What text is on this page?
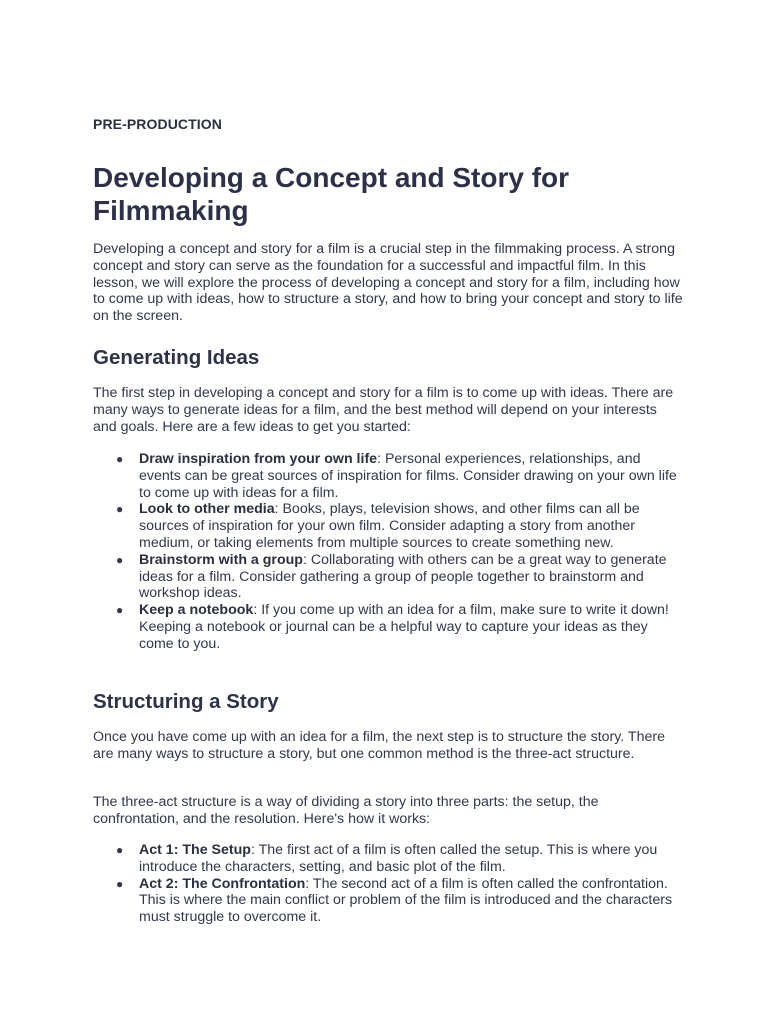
PRE-PRODUCTION
Developing a Concept and Story for Filmmaking

Developing a concept and story for a film is a crucial step in the filmmaking process. A strong concept and story can serve as the foundation for a successful and impactful film. In this lesson, we will explore the process of developing a concept and story for a film, including how to come up with ideas, how to structure a story, and how to bring your concept and story to life on the screen.

Generating Ideas

The first step in developing a concept and story for a film is to come up with ideas. There are many ways to generate ideas for a film, and the best method will depend on your interests and goals. Here are a few ideas to get you started:

● Draw inspiration from your own life: Personal experiences, relationships, and events can be great sources of inspiration for films. Consider drawing on your own life to come up with ideas for a film.
● Look to other media: Books, plays, television shows, and other films can all be sources of inspiration for your own film. Consider adapting a story from another medium, or taking elements from multiple sources to create something new.
● Brainstorm with a group: Collaborating with others can be a great way to generate ideas for a film. Consider gathering a group of people together to brainstorm and workshop ideas.
● Keep a notebook: If you come up with an idea for a film, make sure to write it down! Keeping a notebook or journal can be a helpful way to capture your ideas as they come to you.
Structuring a Story

Once you have come up with an idea for a film, the next step is to structure the story. There are many ways to structure a story, but one common method is the three-act structure.

The three-act structure is a way of dividing a story into three parts: the setup, the confrontation, and the resolution. Here's how it works:

● Act 1: The Setup: The first act of a film is often called the setup. This is where you introduce the characters, setting, and basic plot of the film.
● Act 2: The Confrontation: The second act of a film is often called the confrontation. This is where the main conflict or problem of the film is introduced and the characters must struggle to overcome it.
